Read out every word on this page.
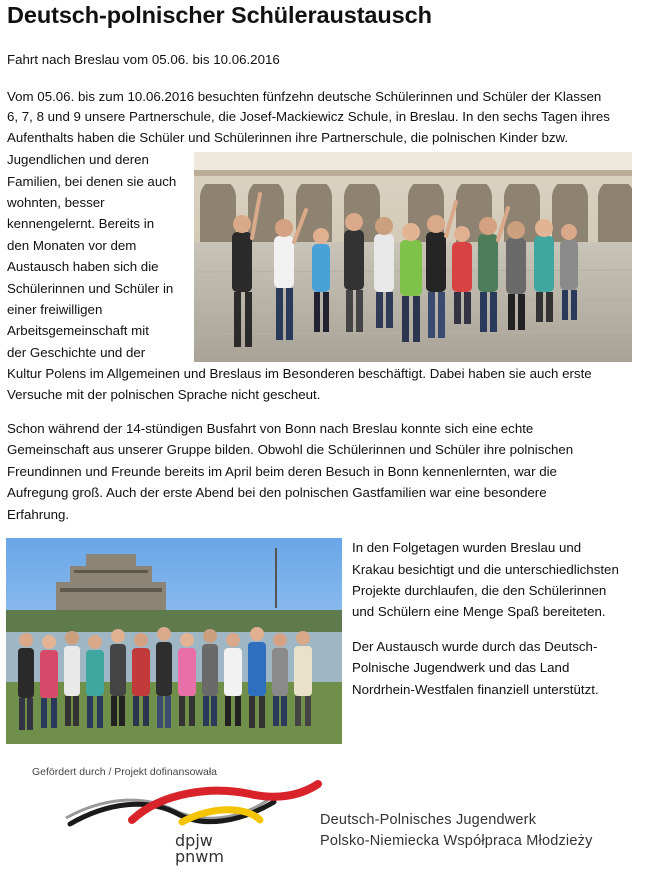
Deutsch-polnischer Schüleraustausch

Fahrt nach Breslau vom 05.06. bis 10.06.2016

Vom 05.06. bis zum 10.06.2016 besuchten fünfzehn deutsche Schülerinnen und Schüler der Klassen

6, 7, 8 und 9 unsere Partnerschule, die Josef-Mackiewicz Schule, in Breslau. In den sechs Tagen ihres

Aufenthalts haben die Schüler und Schülerinnen ihre Partnerschule, die polnischen Kinder bzw.

Jugendlichen und deren

Familien, bei denen sie auch

wohnten, besser

kennengelernt. Bereits in

den Monaten vor dem

Austausch haben sich die

Schülerinnen und Schüler in

einer freiwilligen

Arbeitsgemeinschaft mit

der Geschichte und der

Kultur Polens im Allgemeinen und Breslaus im Besonderen beschäftigt. Dabei haben sie auch erste

Versuche mit der polnischen Sprache nicht gescheut.

Schon während der 14-stündigen Busfahrt von Bonn nach Breslau konnte sich eine echte

Gemeinschaft aus unserer Gruppe bilden. Obwohl die Schülerinnen und Schüler ihre polnischen

Freundinnen und Freunde bereits im April beim deren Besuch in Bonn kennenlernten, war die

Aufregung groß. Auch der erste Abend bei den polnischen Gastfamilien war eine besondere

Erfahrung.

In den Folgetagen wurden Breslau und

Krakau besichtigt und die unterschiedlichsten

Projekte durchlaufen, die den Schülerinnen

und Schülern eine Menge Spaß bereiteten.

Der Austausch wurde durch das Deutsch-

Polnische Jugendwerk und das Land

Nordrhein-Westfalen finanziell unterstützt.

Gefördert durch / Projekt dofinansowała
dpjw
pnwm
Deutsch-Polnisches Jugendwerk
Polsko-Niemiecka Współpraca Młodzieży
